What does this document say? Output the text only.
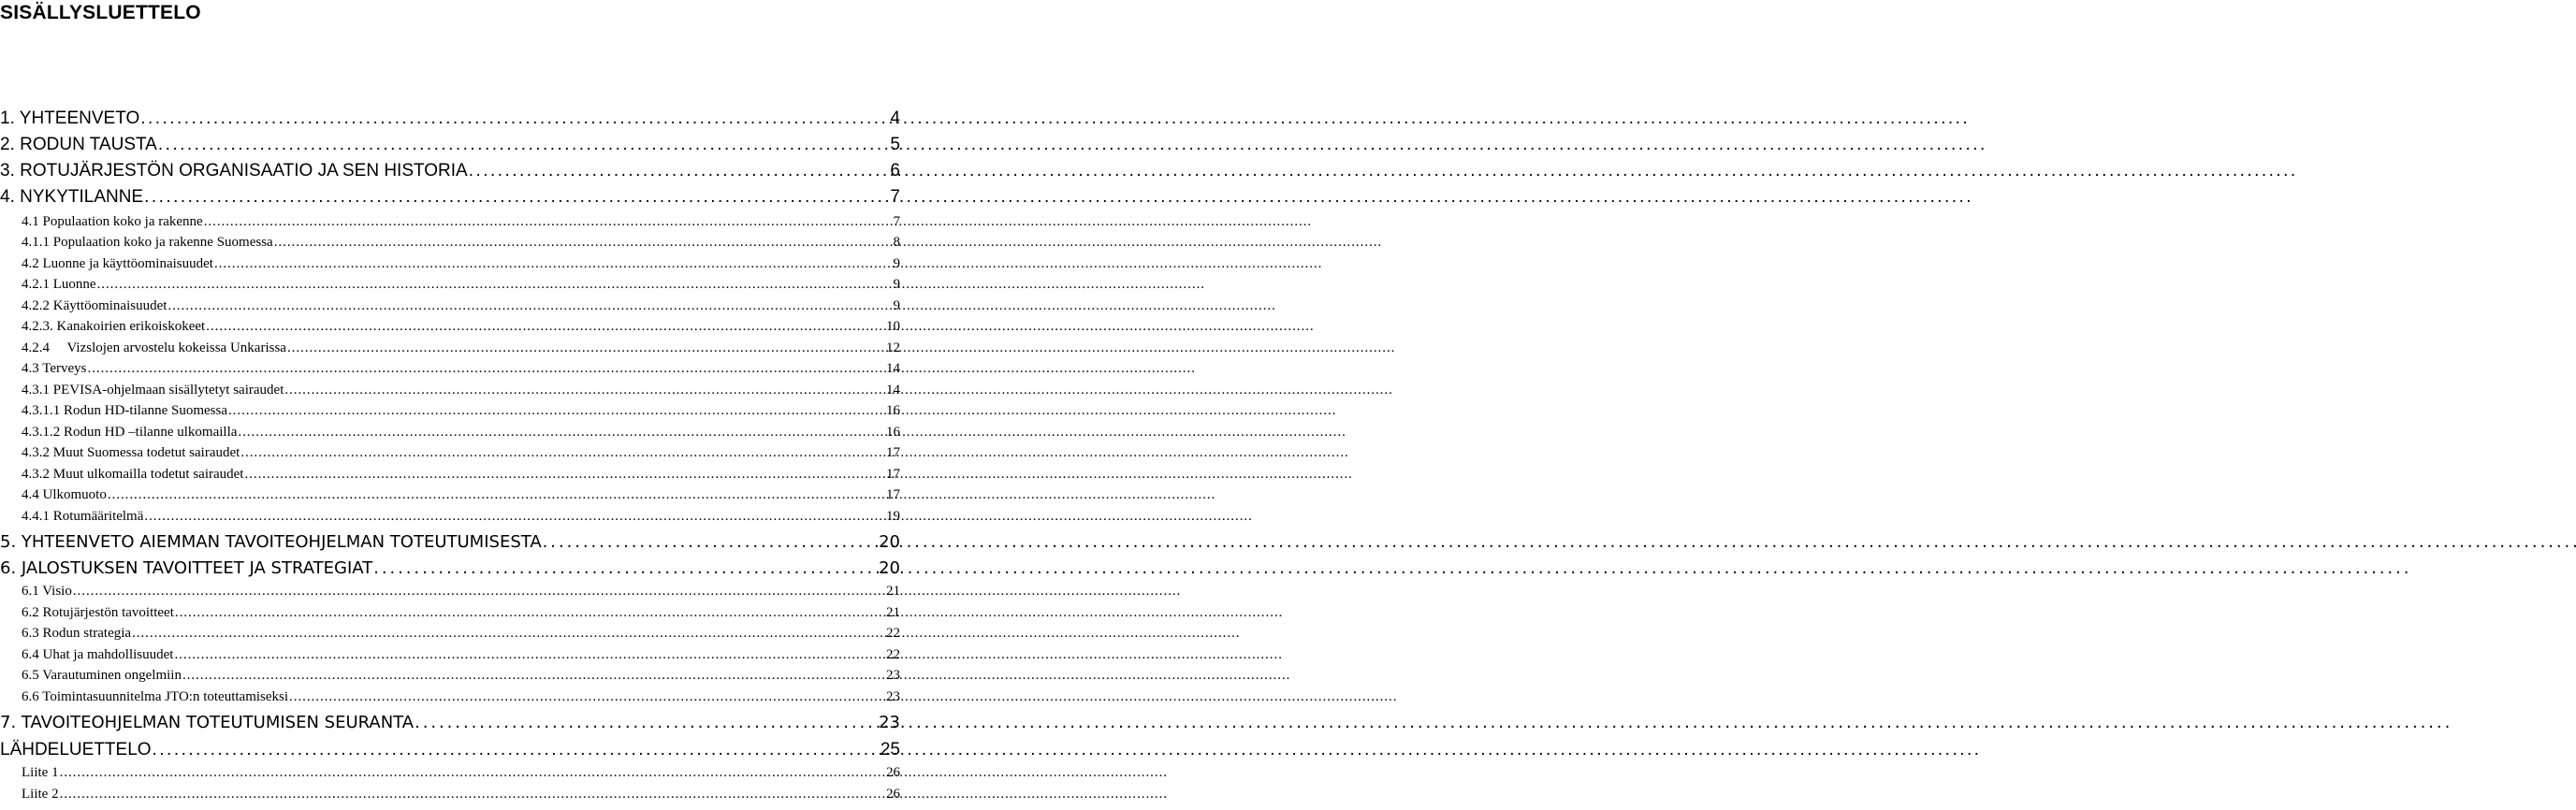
SISÄLLYSLUETTELO
1. YHTEENVETO . . .	4
2. RODUN TAUSTA . . .	5
3. ROTUJÄRJESTÖN ORGANISAATIO JA SEN HISTORIA . . .	6
4. NYKYTILANNE . . .	7
4.1 Populaation koko ja rakenne . . .	7
4.1.1 Populaation koko ja rakenne Suomessa . . .	8
4.2 Luonne ja käyttöominaisuudet . . .	9
4.2.1 Luonne . . .	9
4.2.2 Käyttöominaisuudet . . .	9
4.2.3. Kanakoirien erikoiskokeet . . .	10
4.2.4     Vizslojen arvostelu kokeissa Unkarissa . . .	12
4.3 Terveys . . .	14
4.3.1 PEVISA-ohjelmaan sisällytetyt sairaudet . . .	14
4.3.1.1 Rodun HD-tilanne Suomessa . . .	16
4.3.1.2 Rodun HD –tilanne ulkomailla . . .	16
4.3.2 Muut Suomessa todetut sairaudet . . .	17
4.3.2 Muut ulkomailla todetut sairaudet . . .	17
4.4 Ulkomuoto . . .	17
4.4.1 Rotumääritelmä . . .	19
5. YHTEENVETO AIEMMAN TAVOITEOHJELMAN TOTEUTUMISESTA . . .	20
6. JALOSTUKSEN TAVOITTEET JA STRATEGIAT . . .	20
6.1 Visio . . .	21
6.2 Rotujärjestön tavoitteet . . .	21
6.3 Rodun strategia . . .	22
6.4 Uhat ja mahdollisuudet . . .	22
6.5 Varautuminen ongelmiin . . .	23
6.6 Toimintasuunnitelma JTO:n toteuttamiseksi . . .	23
7. TAVOITEOHJELMAN TOTEUTUMISEN SEURANTA . . .	23
LÄHDELUETTELO . . .	25
Liite 1 . . .	26
Liite 2 . . .	26
